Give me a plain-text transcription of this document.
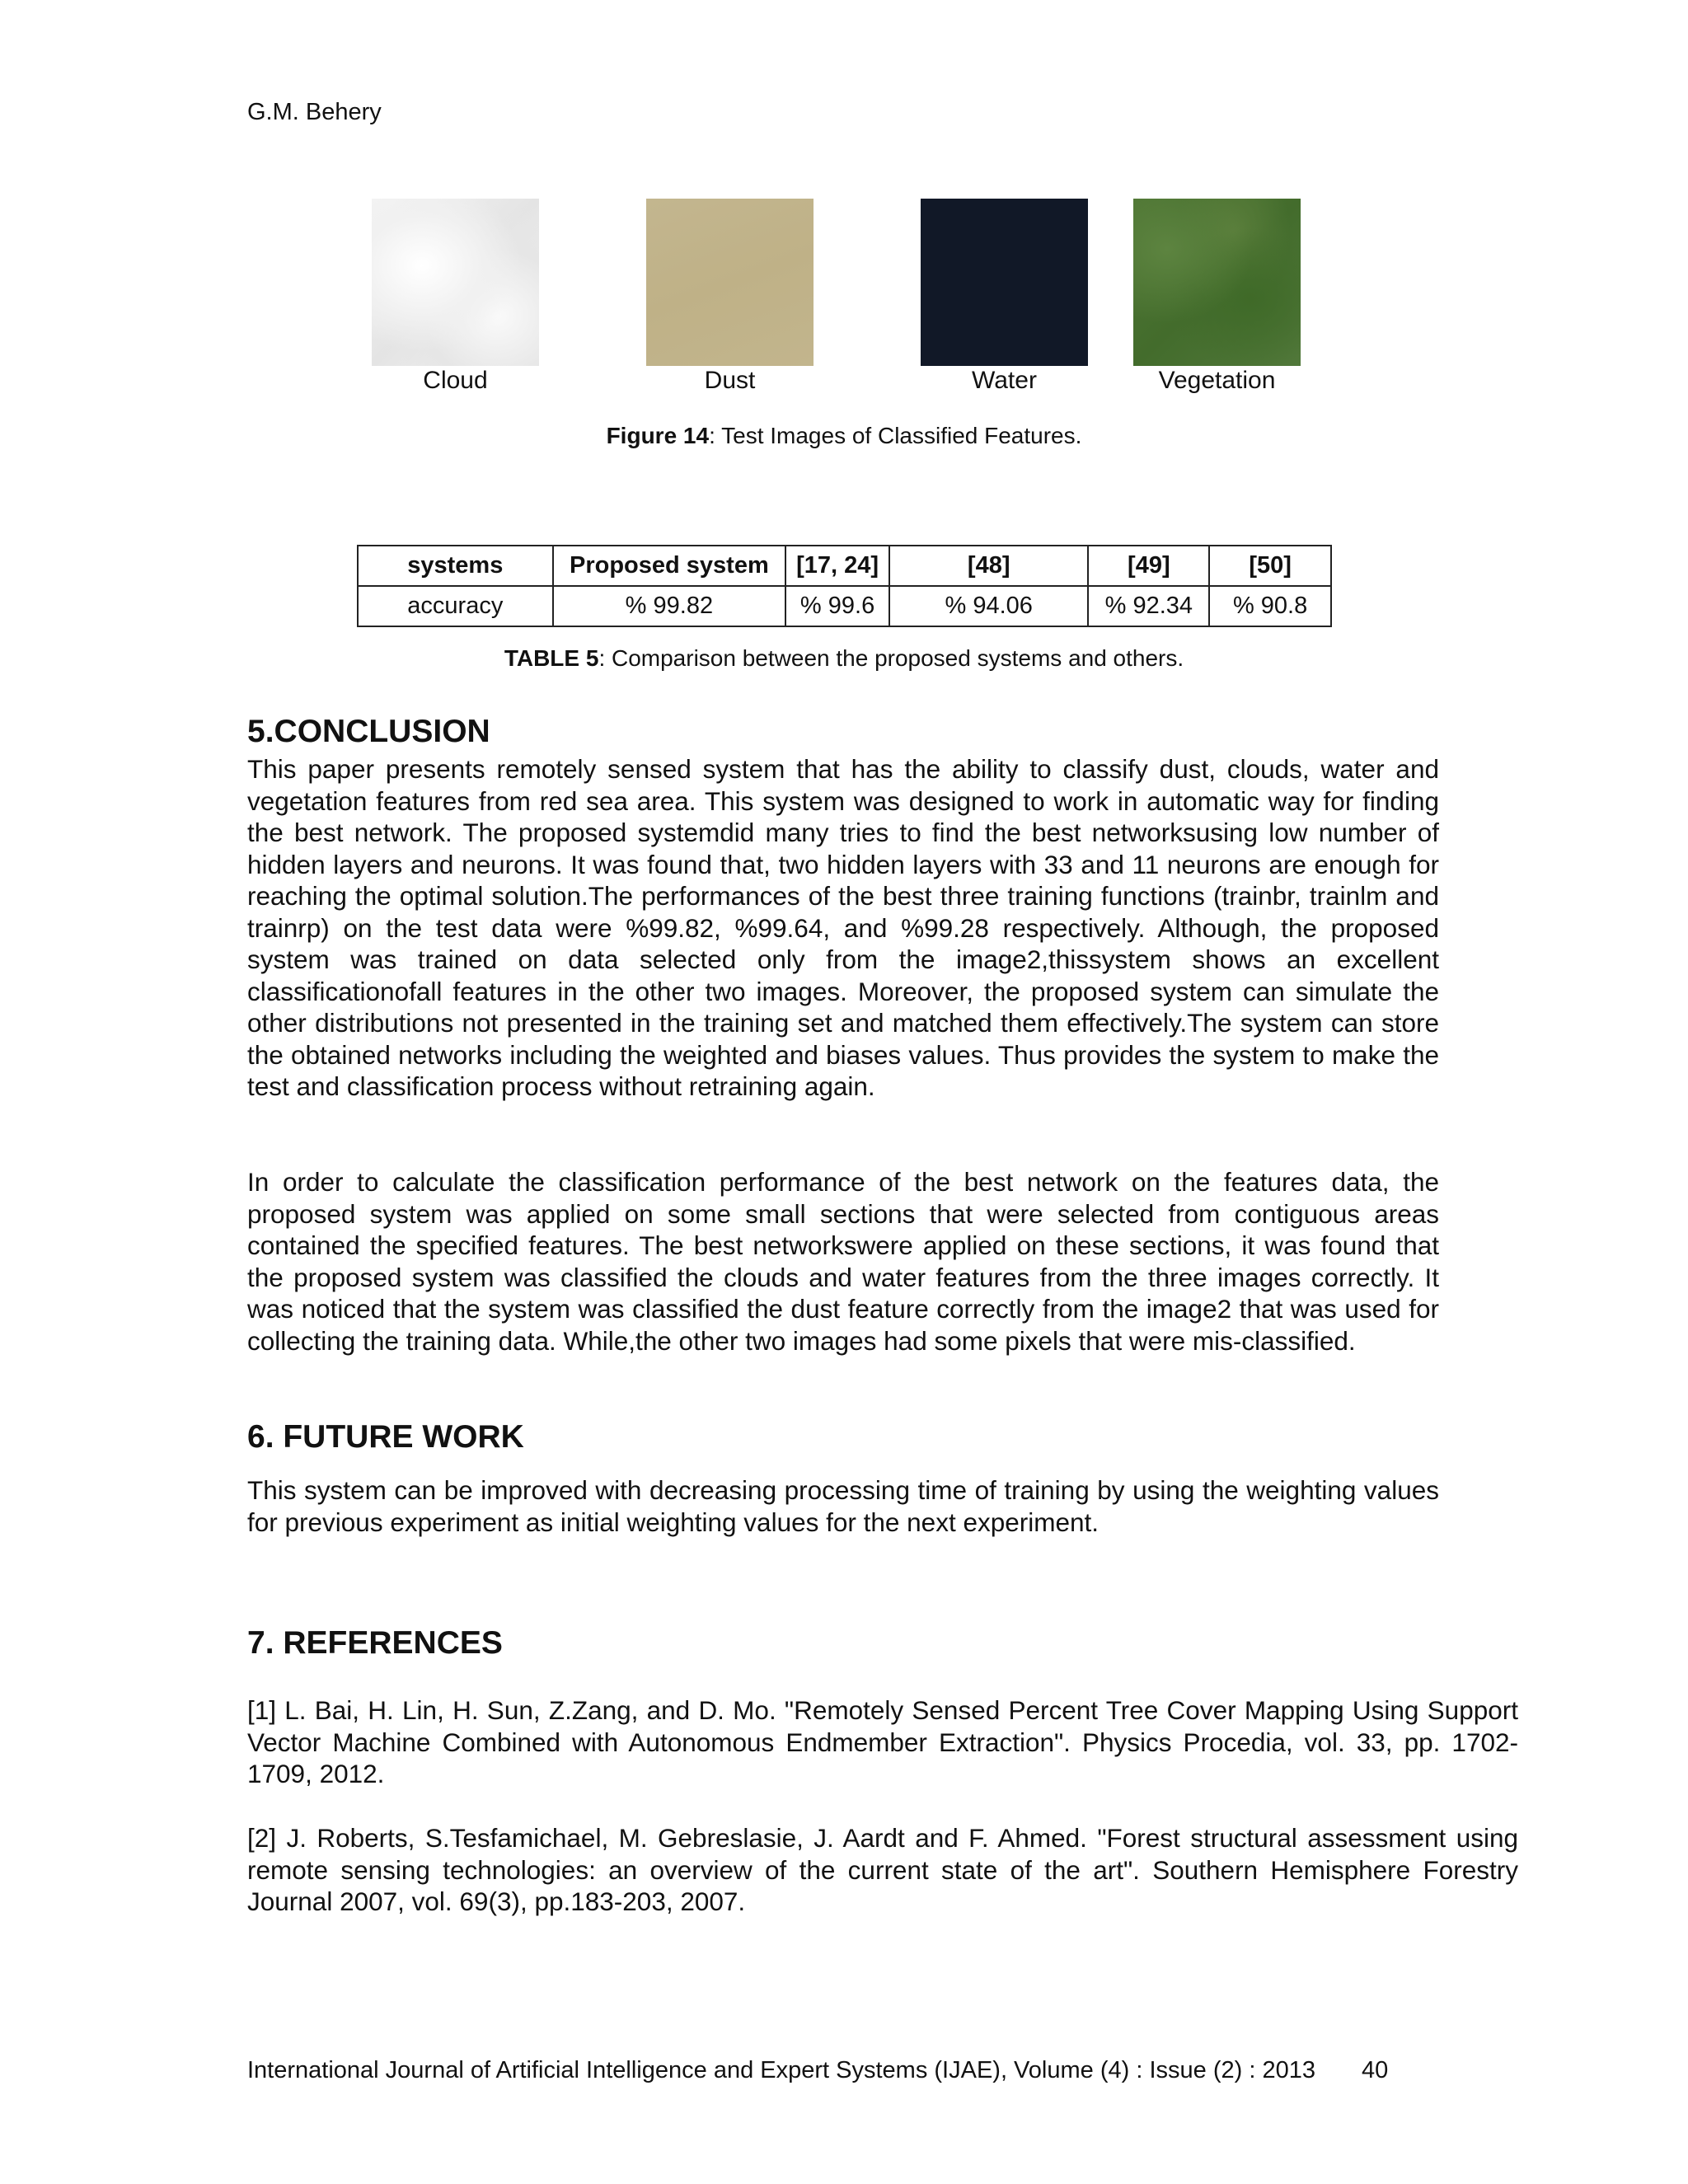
G.M. Behery
Cloud	Dust	Water	Vegetation
Figure 14: Test Images of Classified Features.
systems	Proposed system	[17, 24]	[48]	[49]	[50]
accuracy	% 99.82	% 99.6	% 94.06	% 92.34	% 90.8
TABLE 5: Comparison between the proposed systems and others.
5.CONCLUSION

This paper presents remotely sensed system that has the ability to classify dust, clouds, water and vegetation features from red sea area. This system was designed to work in automatic way for finding the best network. The proposed systemdid many tries to find the best networksusing low number of hidden layers and neurons. It was found that, two hidden layers with 33 and 11 neurons are enough for reaching the optimal solution.The performances of the best three training functions (trainbr, trainlm and trainrp) on the test data were %99.82, %99.64, and %99.28 respectively. Although, the proposed system was trained on data selected only from the image2,thissystem shows an excellent classificationofall features in the other two images. Moreover, the proposed system can simulate the other distributions not presented in the training set and matched them effectively.The system can store the obtained networks including the weighted and biases values. Thus provides the system to make the test and classification process without retraining again.

In order to calculate the classification performance of the best network on the features data, the proposed system was applied on some small sections that were selected from contiguous areas contained the specified features. The best networkswere applied on these sections, it was found that the proposed system was classified the clouds and water features from the three images correctly. It was noticed that the system was classified the dust feature correctly from the image2 that was used for collecting the training data. While,the other two images had some pixels that were mis-classified.

6. FUTURE WORK

This system can be improved with decreasing processing time of training by using the weighting values for previous experiment as initial weighting values for the next experiment.

7. REFERENCES

[1] L. Bai, H. Lin, H. Sun, Z.Zang, and D. Mo. "Remotely Sensed Percent Tree Cover Mapping Using Support Vector Machine Combined with Autonomous Endmember Extraction". Physics Procedia, vol. 33, pp. 1702-1709, 2012.

[2] J. Roberts, S.Tesfamichael, M. Gebreslasie, J. Aardt and F. Ahmed. "Forest structural assessment using remote sensing technologies: an overview of the current state of the art". Southern Hemisphere Forestry Journal 2007, vol. 69(3), pp.183-203, 2007.

International Journal of Artificial Intelligence and Expert Systems (IJAE), Volume (4) : Issue (2) : 2013 40
